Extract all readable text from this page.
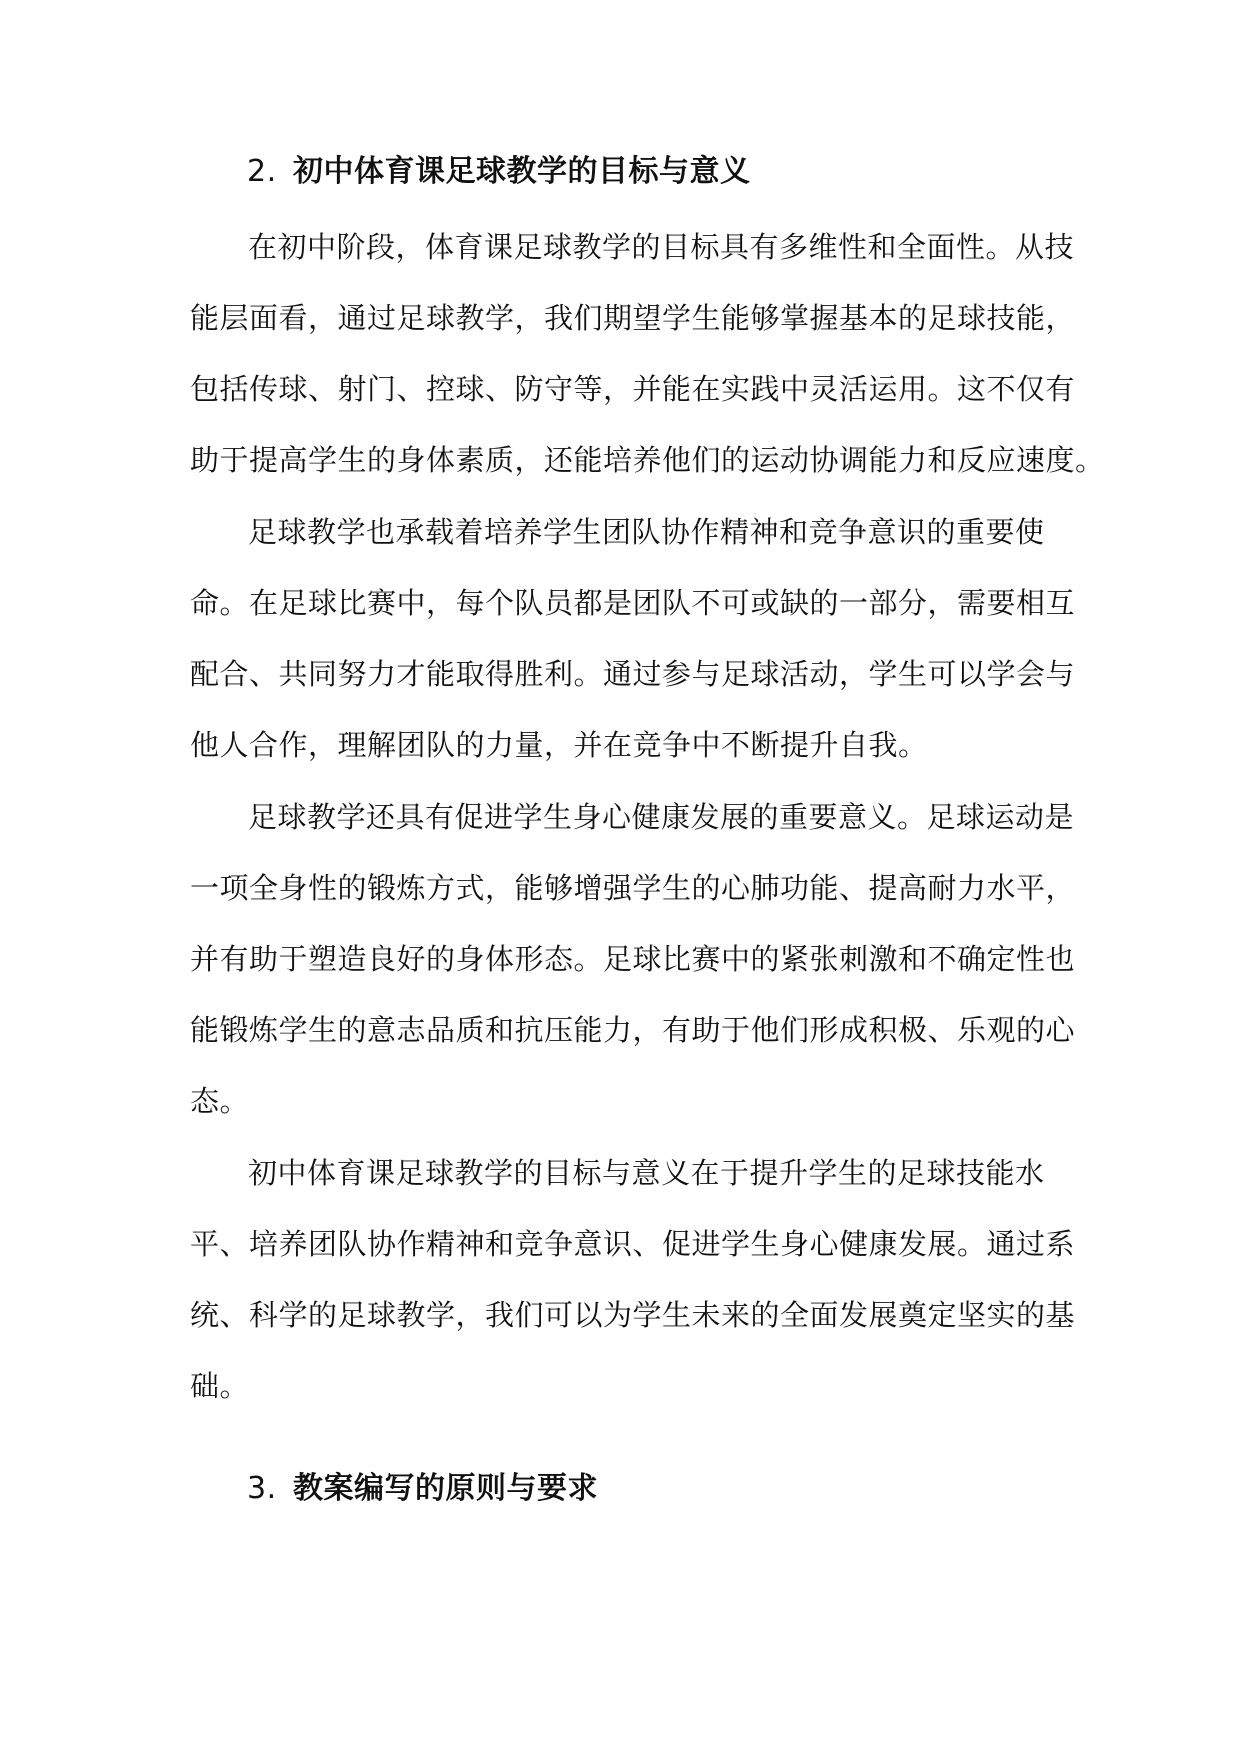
2. 初中体育课足球教学的目标与意义
在初中阶段，体育课足球教学的目标具有多维性和全面性。从技
能层面看，通过足球教学，我们期望学生能够掌握基本的足球技能，
包括传球、射门、控球、防守等，并能在实践中灵活运用。这不仅有
助于提高学生的身体素质，还能培养他们的运动协调能力和反应速度。
足球教学也承载着培养学生团队协作精神和竞争意识的重要使
命。在足球比赛中，每个队员都是团队不可或缺的一部分，需要相互
配合、共同努力才能取得胜利。通过参与足球活动，学生可以学会与
他人合作，理解团队的力量，并在竞争中不断提升自我。
足球教学还具有促进学生身心健康发展的重要意义。足球运动是
一项全身性的锻炼方式，能够增强学生的心肺功能、提高耐力水平，
并有助于塑造良好的身体形态。足球比赛中的紧张刺激和不确定性也
能锻炼学生的意志品质和抗压能力，有助于他们形成积极、乐观的心
态。
初中体育课足球教学的目标与意义在于提升学生的足球技能水
平、培养团队协作精神和竞争意识、促进学生身心健康发展。通过系
统、科学的足球教学，我们可以为学生未来的全面发展奠定坚实的基
础。
3. 教案编写的原则与要求
